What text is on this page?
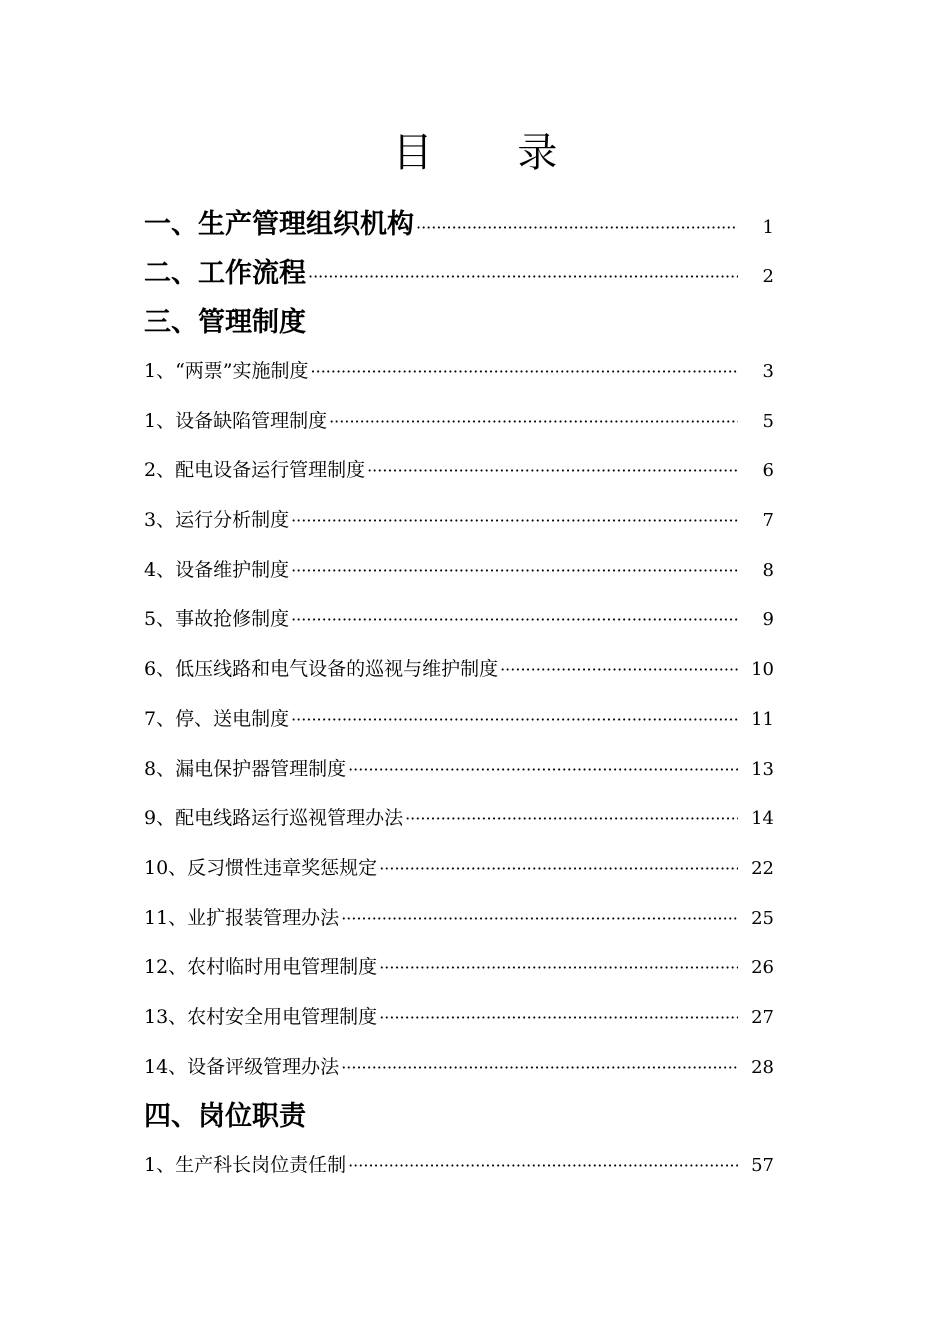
目 录
一、生产管理组织机构 ·····	1
二、工作流程 ·····	2
三、管理制度
1、“两票”实施制度 ·····	3
1、设备缺陷管理制度 ·····	5
2、配电设备运行管理制度 ·····	6
3、运行分析制度 ·····	7
4、设备维护制度 ·····	8
5、事故抢修制度 ·····	9
6、低压线路和电气设备的巡视与维护制度 ·····	10
7、停、送电制度 ·····	11
8、漏电保护器管理制度 ·····	13
9、配电线路运行巡视管理办法 ·····	14
10、反习惯性违章奖惩规定 ·····	22
11、业扩报装管理办法 ·····	25
12、农村临时用电管理制度 ·····	26
13、农村安全用电管理制度 ·····	27
14、设备评级管理办法 ·····	28
四、岗位职责
1、生产科长岗位责任制 ·····	57
